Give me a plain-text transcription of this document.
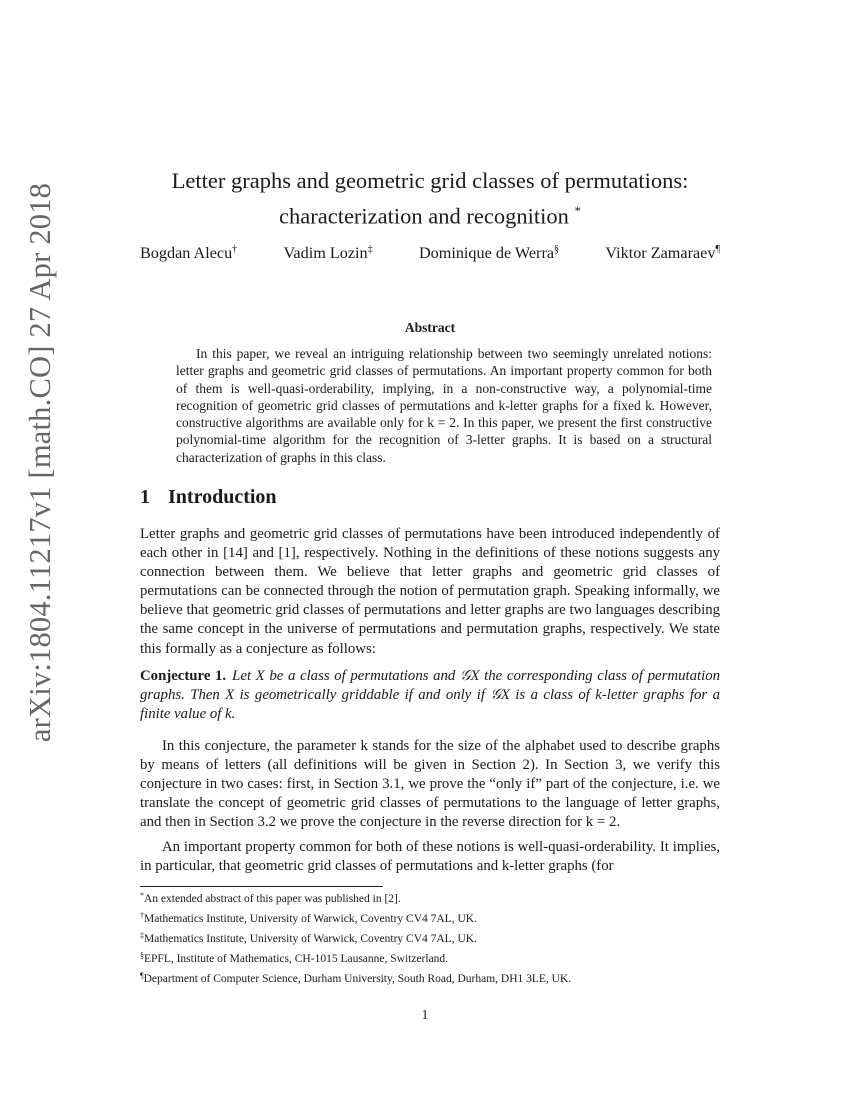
arXiv:1804.11217v1 [math.CO] 27 Apr 2018
Letter graphs and geometric grid classes of permutations:
characterization and recognition *
Bogdan Alecu†	Vadim Lozin‡	Dominique de Werra§	Viktor Zamaraev¶
Abstract

In this paper, we reveal an intriguing relationship between two seemingly unrelated notions: letter graphs and geometric grid classes of permutations. An important property common for both of them is well-quasi-orderability, implying, in a non-constructive way, a polynomial-time recognition of geometric grid classes of permutations and k-letter graphs for a fixed k. However, constructive algorithms are available only for k = 2. In this paper, we present the first constructive polynomial-time algorithm for the recognition of 3-letter graphs. It is based on a structural characterization of graphs in this class.

1 Introduction

Letter graphs and geometric grid classes of permutations have been introduced independently of each other in [14] and [1], respectively. Nothing in the definitions of these notions suggests any connection between them. We believe that letter graphs and geometric grid classes of permutations can be connected through the notion of permutation graph. Speaking informally, we believe that geometric grid classes of permutations and letter graphs are two languages describing the same concept in the universe of permutations and permutation graphs, respectively. We state this formally as a conjecture as follows:

Conjecture 1. Let X be a class of permutations and 𝒢X the corresponding class of permutation graphs. Then X is geometrically griddable if and only if 𝒢X is a class of k-letter graphs for a finite value of k.

In this conjecture, the parameter k stands for the size of the alphabet used to describe graphs by means of letters (all definitions will be given in Section 2). In Section 3, we verify this conjecture in two cases: first, in Section 3.1, we prove the “only if” part of the conjecture, i.e. we translate the concept of geometric grid classes of permutations to the language of letter graphs, and then in Section 3.2 we prove the conjecture in the reverse direction for k = 2.

An important property common for both of these notions is well-quasi-orderability. It implies, in particular, that geometric grid classes of permutations and k-letter graphs (for

*An extended abstract of this paper was published in [2].
†Mathematics Institute, University of Warwick, Coventry CV4 7AL, UK.
‡Mathematics Institute, University of Warwick, Coventry CV4 7AL, UK.
§EPFL, Institute of Mathematics, CH-1015 Lausanne, Switzerland.
¶Department of Computer Science, Durham University, South Road, Durham, DH1 3LE, UK.
1
